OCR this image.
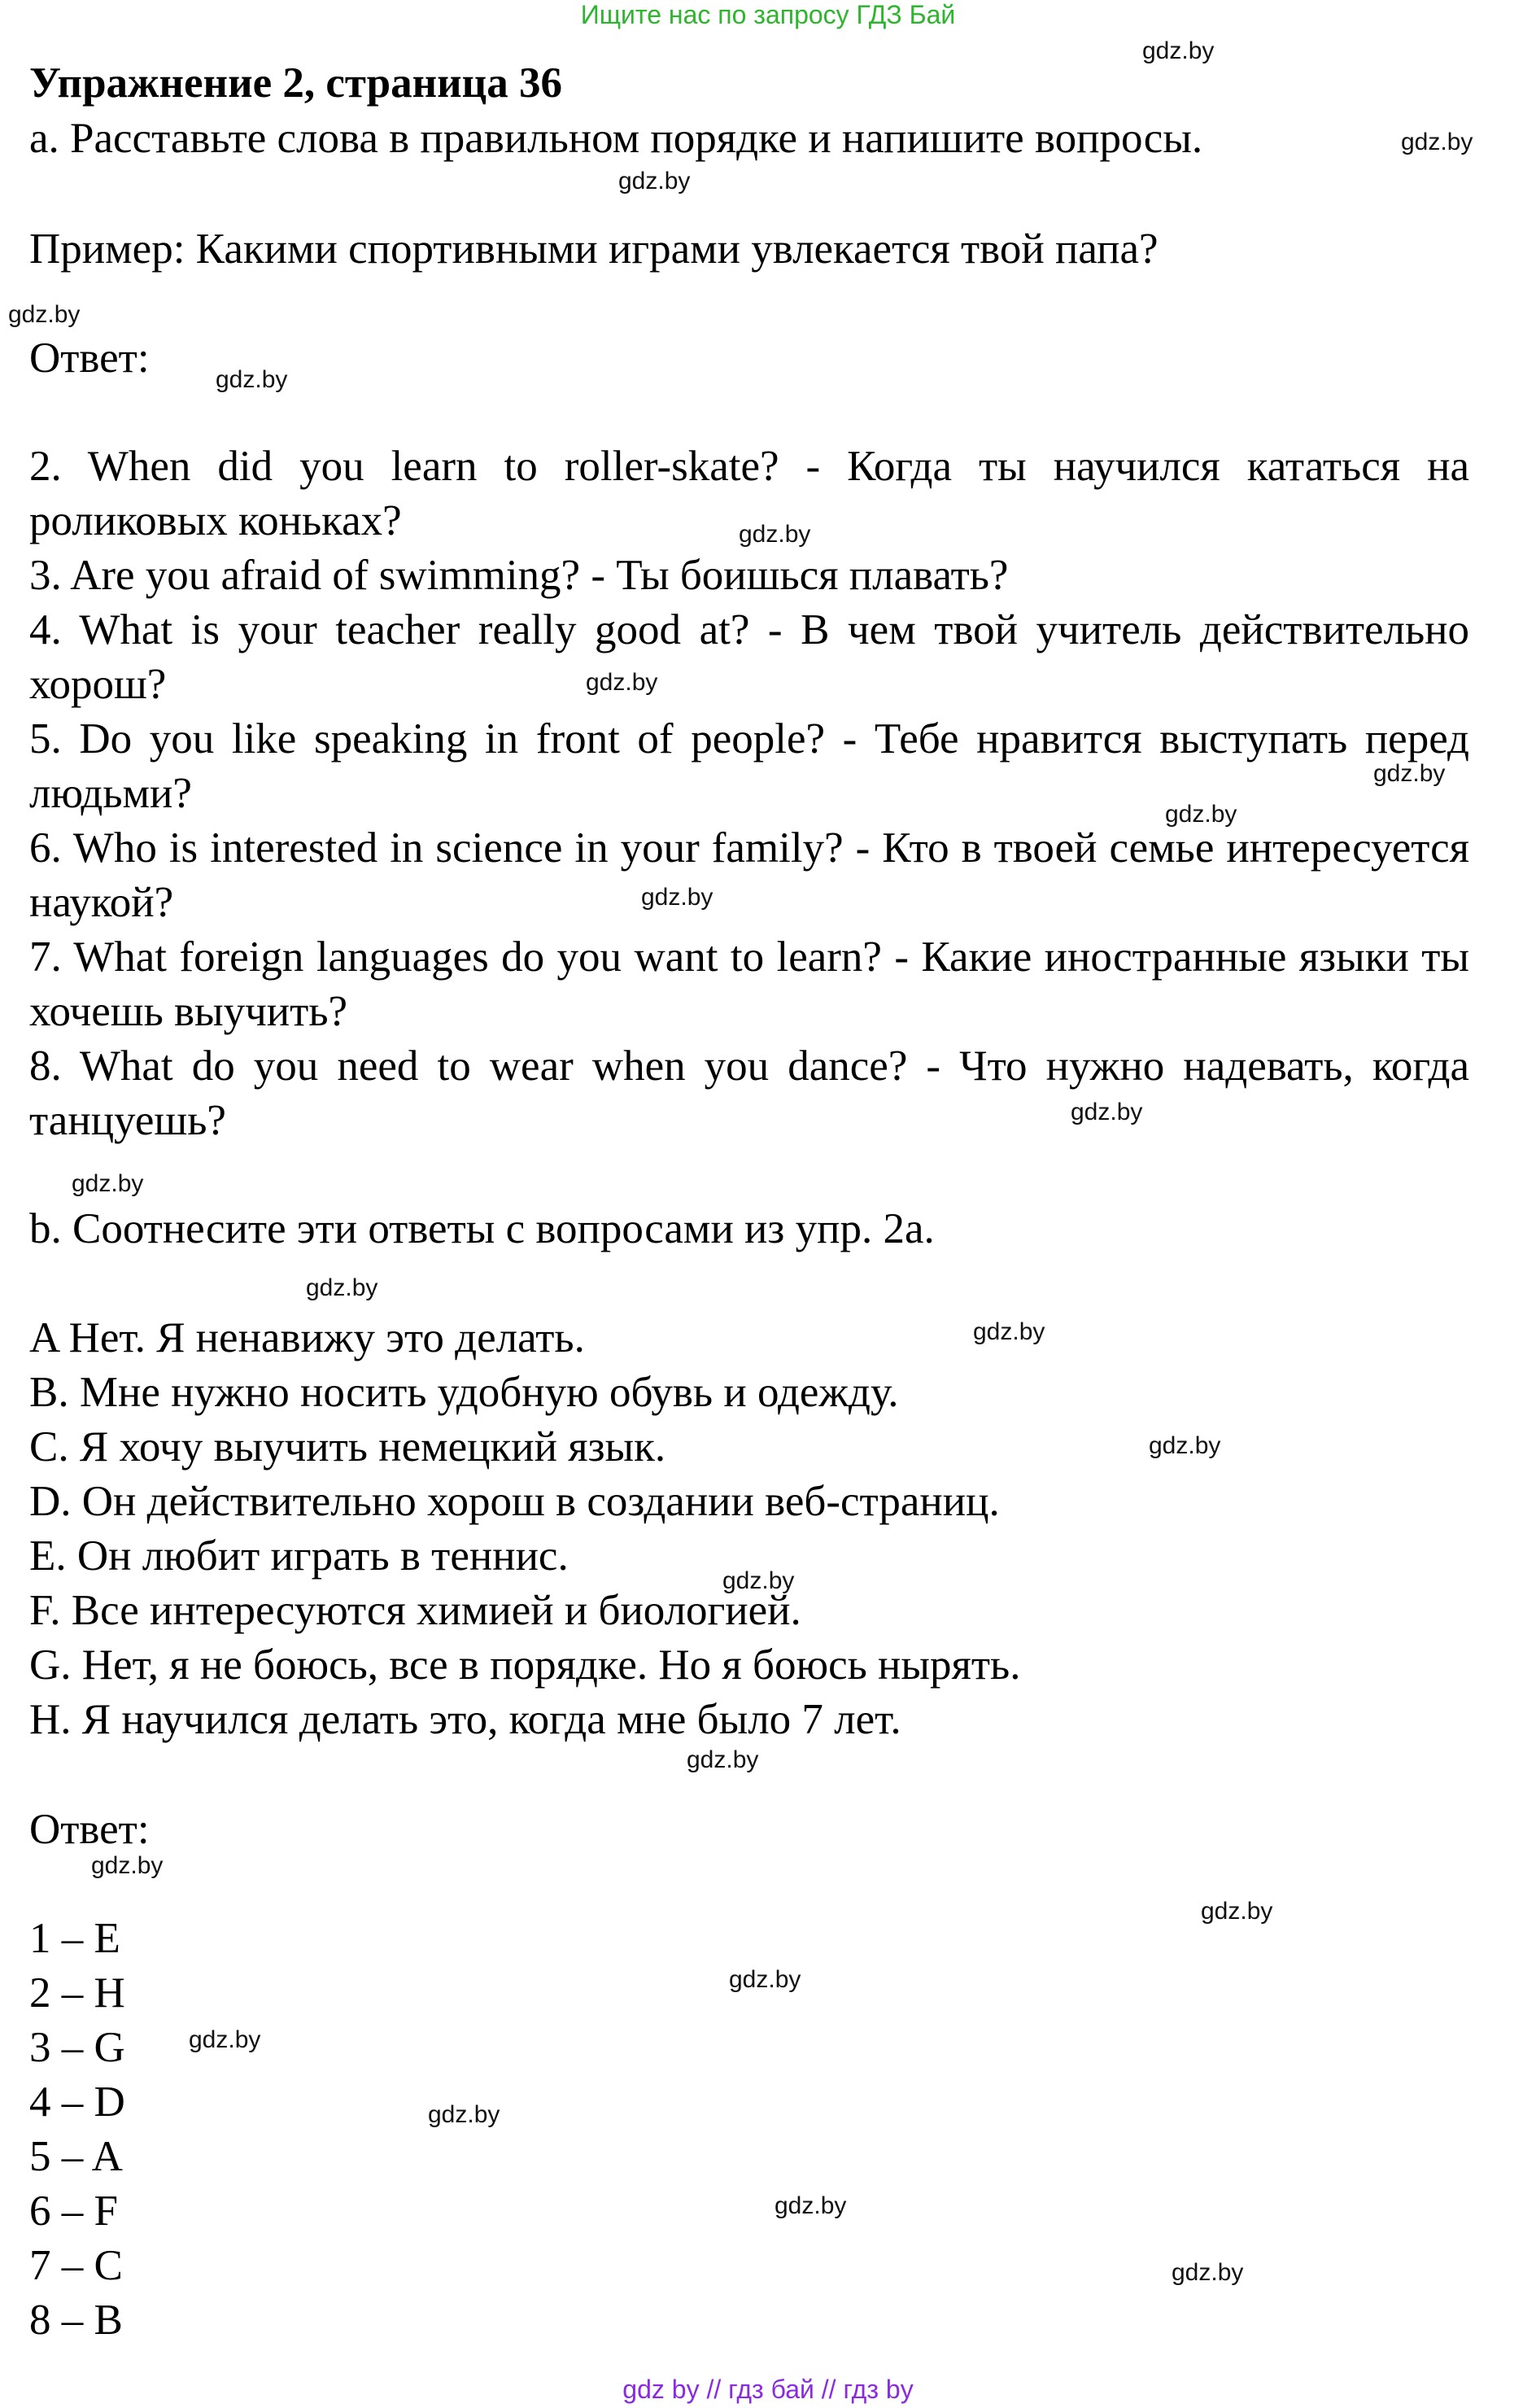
Ищите нас по запросу ГДЗ Бай
Упражнение 2, страница 36
a. Расставьте слова в правильном порядке и напишите вопросы.
Пример: Какими спортивными играми увлекается твой папа?
Ответ:
2. When did you learn to roller-skate? - Когда ты научился кататься на роликовых коньках?
3. Are you afraid of swimming? - Ты боишься плавать?
4. What is your teacher really good at? - В чем твой учитель действительно хорош?
5. Do you like speaking in front of people? - Тебе нравится выступать перед людьми?
6. Who is interested in science in your family? - Кто в твоей семье интересуется наукой?
7. What foreign languages do you want to learn? - Какие иностранные языки ты хочешь выучить?
8. What do you need to wear when you dance? - Что нужно надевать, когда танцуешь?
b. Соотнесите эти ответы с вопросами из упр. 2a.
A Нет. Я ненавижу это делать.
B. Мне нужно носить удобную обувь и одежду.
C. Я хочу выучить немецкий язык.
D. Он действительно хорош в создании веб-страниц.
E. Он любит играть в теннис.
F. Все интересуются химией и биологией.
G. Нет, я не боюсь, все в порядке. Но я боюсь нырять.
H. Я научился делать это, когда мне было 7 лет.
Ответ:
1 – E
2 – H
3 – G
4 – D
5 – A
6 – F
7 – C
8 – B
gdz.by
gdz.by
gdz.by
gdz.by
gdz.by
gdz.by
gdz.by
gdz.by
gdz.by
gdz.by
gdz.by
gdz.by
gdz.by
gdz.by
gdz.by
gdz.by
gdz.by
gdz.by
gdz.by
gdz.by
gdz.by
gdz.by
gdz.by
gdz.by
gdz by // гдз бай // гдз by
